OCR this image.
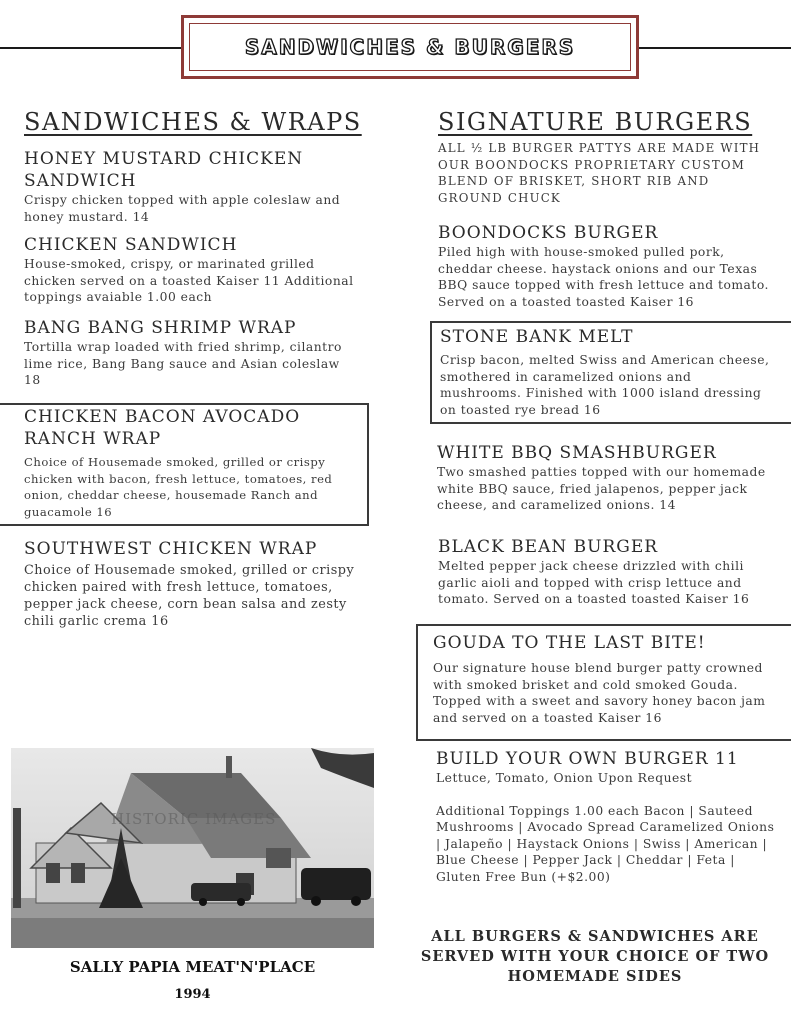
SANDWICHES & BURGERS
SANDWICHES & WRAPS
HONEY MUSTARD CHICKEN SANDWICH
Crispy chicken topped with apple coleslaw and honey mustard. 14
CHICKEN SANDWICH
House-smoked, crispy, or marinated grilled chicken served on a toasted Kaiser 11 Additional toppings avaiable 1.00 each
BANG BANG SHRIMP WRAP
Tortilla wrap loaded with fried shrimp, cilantro lime rice, Bang Bang sauce and Asian coleslaw 18
CHICKEN BACON AVOCADO RANCH WRAP
Choice of Housemade smoked, grilled or crispy chicken with bacon, fresh lettuce, tomatoes, red onion, cheddar cheese, housemade Ranch and guacamole 16
SOUTHWEST CHICKEN WRAP
Choice of Housemade smoked, grilled or crispy chicken paired with fresh lettuce, tomatoes, pepper jack cheese, corn bean salsa and zesty chili garlic crema 16
HISTORIC IMAGES
SALLY PAPIA MEAT'N'PLACE
1994
SIGNATURE BURGERS
ALL ½ LB BURGER PATTYS ARE MADE WITH OUR BOONDOCKS PROPRIETARY CUSTOM BLEND OF BRISKET, SHORT RIB AND GROUND CHUCK
BOONDOCKS BURGER
Piled high with house-smoked pulled pork, cheddar cheese. haystack onions and our Texas BBQ sauce topped with fresh lettuce and tomato. Served on a toasted toasted Kaiser 16
STONE BANK MELT
Crisp bacon, melted Swiss and American cheese, smothered in caramelized onions and mushrooms. Finished with 1000 island dressing on toasted rye bread 16
WHITE BBQ SMASHBURGER
Two smashed patties topped with our homemade white BBQ sauce, fried jalapenos, pepper jack cheese, and caramelized onions. 14
BLACK BEAN BURGER
Melted pepper jack cheese drizzled with chili garlic aioli and topped with crisp lettuce and tomato. Served on a toasted toasted Kaiser 16
GOUDA TO THE LAST BITE!
Our signature house blend burger patty crowned with smoked brisket and cold smoked Gouda. Topped with a sweet and savory honey bacon jam and served on a toasted Kaiser 16
BUILD YOUR OWN BURGER 11
Lettuce, Tomato, Onion Upon Request
Additional Toppings 1.00 each Bacon | Sauteed Mushrooms | Avocado Spread Caramelized Onions | Jalapeño | Haystack Onions | Swiss | American | Blue Cheese | Pepper Jack | Cheddar | Feta | Gluten Free Bun (+$2.00)
ALL BURGERS & SANDWICHES ARE SERVED WITH YOUR CHOICE OF TWO HOMEMADE SIDES
